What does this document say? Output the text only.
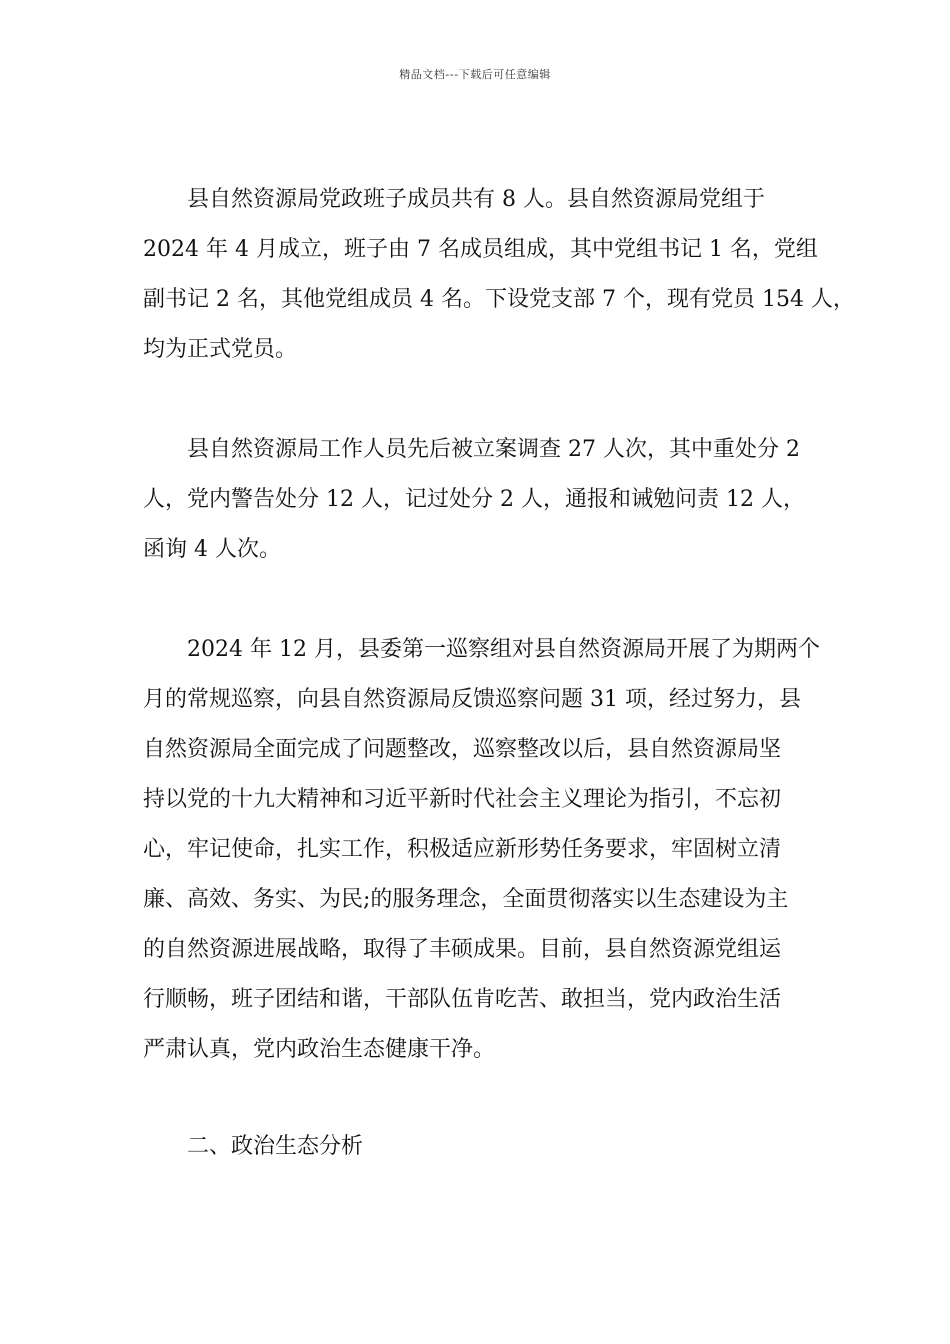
精品文档---下载后可任意编辑
县自然资源局党政班子成员共有 8 人。县自然资源局党组于
2024 年 4 月成立，班子由 7 名成员组成，其中党组书记 1 名，党组
副书记 2 名，其他党组成员 4 名。下设党支部 7 个，现有党员 154 人，
均为正式党员。
县自然资源局工作人员先后被立案调查 27 人次，其中重处分 2
人，党内警告处分 12 人，记过处分 2 人，通报和诫勉问责 12 人，
函询 4 人次。
2024 年 12 月，县委第一巡察组对县自然资源局开展了为期两个
月的常规巡察，向县自然资源局反馈巡察问题 31 项，经过努力，县
自然资源局全面完成了问题整改，巡察整改以后，县自然资源局坚
持以党的十九大精神和习近平新时代社会主义理论为指引，不忘初
心，牢记使命，扎实工作，积极适应新形势任务要求，牢固树立清
廉、高效、务实、为民;的服务理念，全面贯彻落实以生态建设为主
的自然资源进展战略，取得了丰硕成果。目前，县自然资源党组运
行顺畅，班子团结和谐，干部队伍肯吃苦、敢担当，党内政治生活
严肃认真，党内政治生态健康干净。
二、政治生态分析
